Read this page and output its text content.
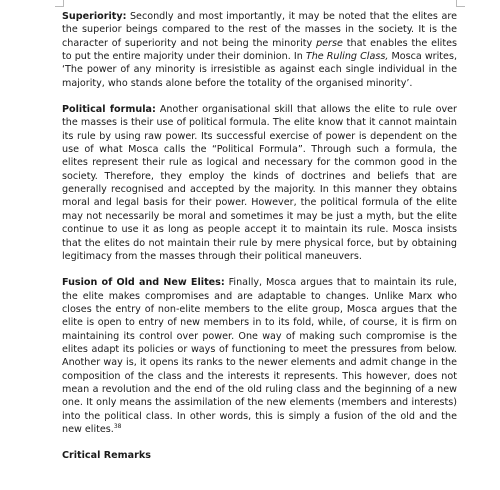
Superiority: Secondly and most importantly, it may be noted that the elites are the superior beings compared to the rest of the masses in the society. It is the character of superiority and not being the minority perse that enables the elites to put the entire majority under their dominion. In The Ruling Class, Mosca writes, ‘The power of any minority is irresistible as against each single individual in the majority, who stands alone before the totality of the organised minority’.

Political formula: Another organisational skill that allows the elite to rule over the masses is their use of political formula. The elite know that it cannot maintain its rule by using raw power. Its successful exercise of power is dependent on the use of what Mosca calls the “Political Formula”. Through such a formula, the elites represent their rule as logical and necessary for the common good in the society. Therefore, they employ the kinds of doctrines and beliefs that are generally recognised and accepted by the majority. In this manner they obtains moral and legal basis for their power. However, the political formula of the elite may not necessarily be moral and sometimes it may be just a myth, but the elite continue to use it as long as people accept it to maintain its rule. Mosca insists that the elites do not maintain their rule by mere physical force, but by obtaining legitimacy from the masses through their political maneuvers.

Fusion of Old and New Elites: Finally, Mosca argues that to maintain its rule, the elite makes compromises and are adaptable to changes. Unlike Marx who closes the entry of non-elite members to the elite group, Mosca argues that the elite is open to entry of new members in to its fold, while, of course, it is firm on maintaining its control over power. One way of making such compromise is the elites adapt its policies or ways of functioning to meet the pressures from below. Another way is, it opens its ranks to the newer elements and admit change in the composition of the class and the interests it represents. This however, does not mean a revolution and the end of the old ruling class and the beginning of a new one. It only means the assimilation of the new elements (members and interests) into the political class. In other words, this is simply a fusion of the old and the new elites.$^{38}$

Critical Remarks
